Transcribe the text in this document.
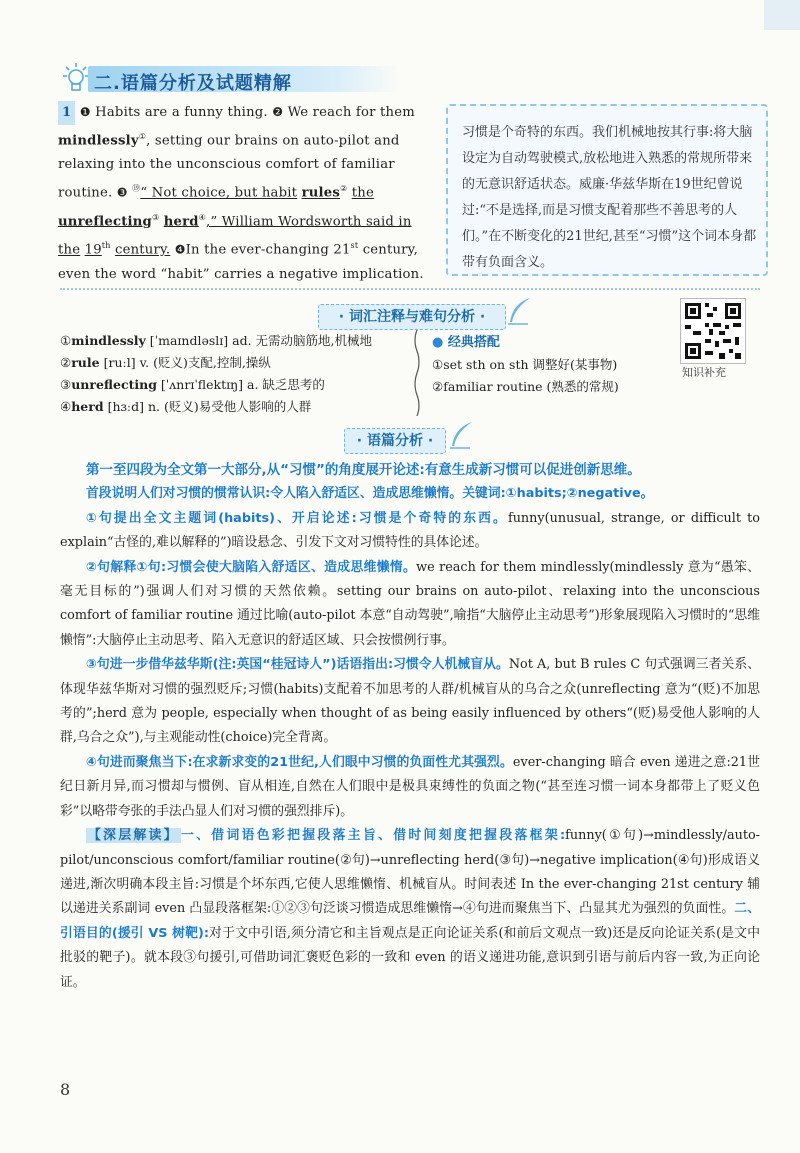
二.语篇分析及试题精解
1 ❶ Habits are a funny thing. ❷ We reach for them mindlessly①, setting our brains on auto-pilot and relaxing into the unconscious comfort of familiar routine. ❸ ⑲“ Not choice, but habit rules② the unreflecting③ herd④,” William Wordsworth said in the 19th century. ❹In the ever-changing 21st century, even the word “habit” carries a negative implication.
习惯是个奇特的东西。我们机械地按其行事:将大脑设定为自动驾驶模式,放松地进入熟悉的常规所带来的无意识舒适状态。威廉·华兹华斯在19世纪曾说过:“不是选择,而是习惯支配着那些不善思考的人们。”在不断变化的21世纪,甚至“习惯”这个词本身都带有负面含义。
· 词汇注释与难句分析 ·
①mindlessly [ˈmaɪndləslɪ] ad. 无需动脑筋地,机械地
②rule [ruːl] v. (贬义)支配,控制,操纵
③unreflecting [ˈʌnrɪˈflektɪŋ] a. 缺乏思考的
④herd [hɜːd] n. (贬义)易受他人影响的人群
● 经典搭配
①set sth on sth 调整好(某事物)
②familiar routine (熟悉的常规)
知识补充
· 语篇分析 ·

第一至四段为全文第一大部分,从“习惯”的角度展开论述:有意生成新习惯可以促进创新思维。

首段说明人们对习惯的惯常认识:令人陷入舒适区、造成思维懒惰。关键词:①habits;②negative。

①句提出全文主题词(habits)、开启论述:习惯是个奇特的东西。funny(unusual, strange, or difficult to explain“古怪的,难以解释的”)暗设悬念、引发下文对习惯特性的具体论述。

②句解释①句:习惯会使大脑陷入舒适区、造成思维懒惰。we reach for them mindlessly(mindlessly 意为“愚笨、毫无目标的”)强调人们对习惯的天然依赖。setting our brains on auto-pilot、relaxing into the unconscious comfort of familiar routine 通过比喻(auto-pilot 本意“自动驾驶”,喻指“大脑停止主动思考”)形象展现陷入习惯时的“思维懒惰”:大脑停止主动思考、陷入无意识的舒适区域、只会按惯例行事。

③句进一步借华兹华斯(注:英国“桂冠诗人”)话语指出:习惯令人机械盲从。Not A, but B rules C 句式强调三者关系、体现华兹华斯对习惯的强烈贬斥;习惯(habits)支配着不加思考的人群/机械盲从的乌合之众(unreflecting 意为“(贬)不加思考的”;herd 意为 people, especially when thought of as being easily influenced by others“(贬)易受他人影响的人群,乌合之众”),与主观能动性(choice)完全背离。

④句进而聚焦当下:在求新求变的21世纪,人们眼中习惯的负面性尤其强烈。ever-changing 暗合 even 递进之意:21世纪日新月异,而习惯却与惯例、盲从相连,自然在人们眼中是极具束缚性的负面之物(“甚至连习惯一词本身都带上了贬义色彩”以略带夸张的手法凸显人们对习惯的强烈排斥)。

【深层解读】 一、借词语色彩把握段落主旨、借时间刻度把握段落框架:funny(①句)→mindlessly/auto-pilot/unconscious comfort/familiar routine(②句)→unreflecting herd(③句)→negative implication(④句)形成语义递进,渐次明确本段主旨:习惯是个坏东西,它使人思维懒惰、机械盲从。时间表述 In the ever-changing 21st century 辅以递进关系副词 even 凸显段落框架:①②③句泛谈习惯造成思维懒惰→④句进而聚焦当下、凸显其尤为强烈的负面性。二、引语目的(援引 VS 树靶):对于文中引语,须分清它和主旨观点是正向论证关系(和前后文观点一致)还是反向论证关系(是文中批驳的靶子)。就本段③句援引,可借助词汇褒贬色彩的一致和 even 的语义递进功能,意识到引语与前后内容一致,为正向论证。

8
